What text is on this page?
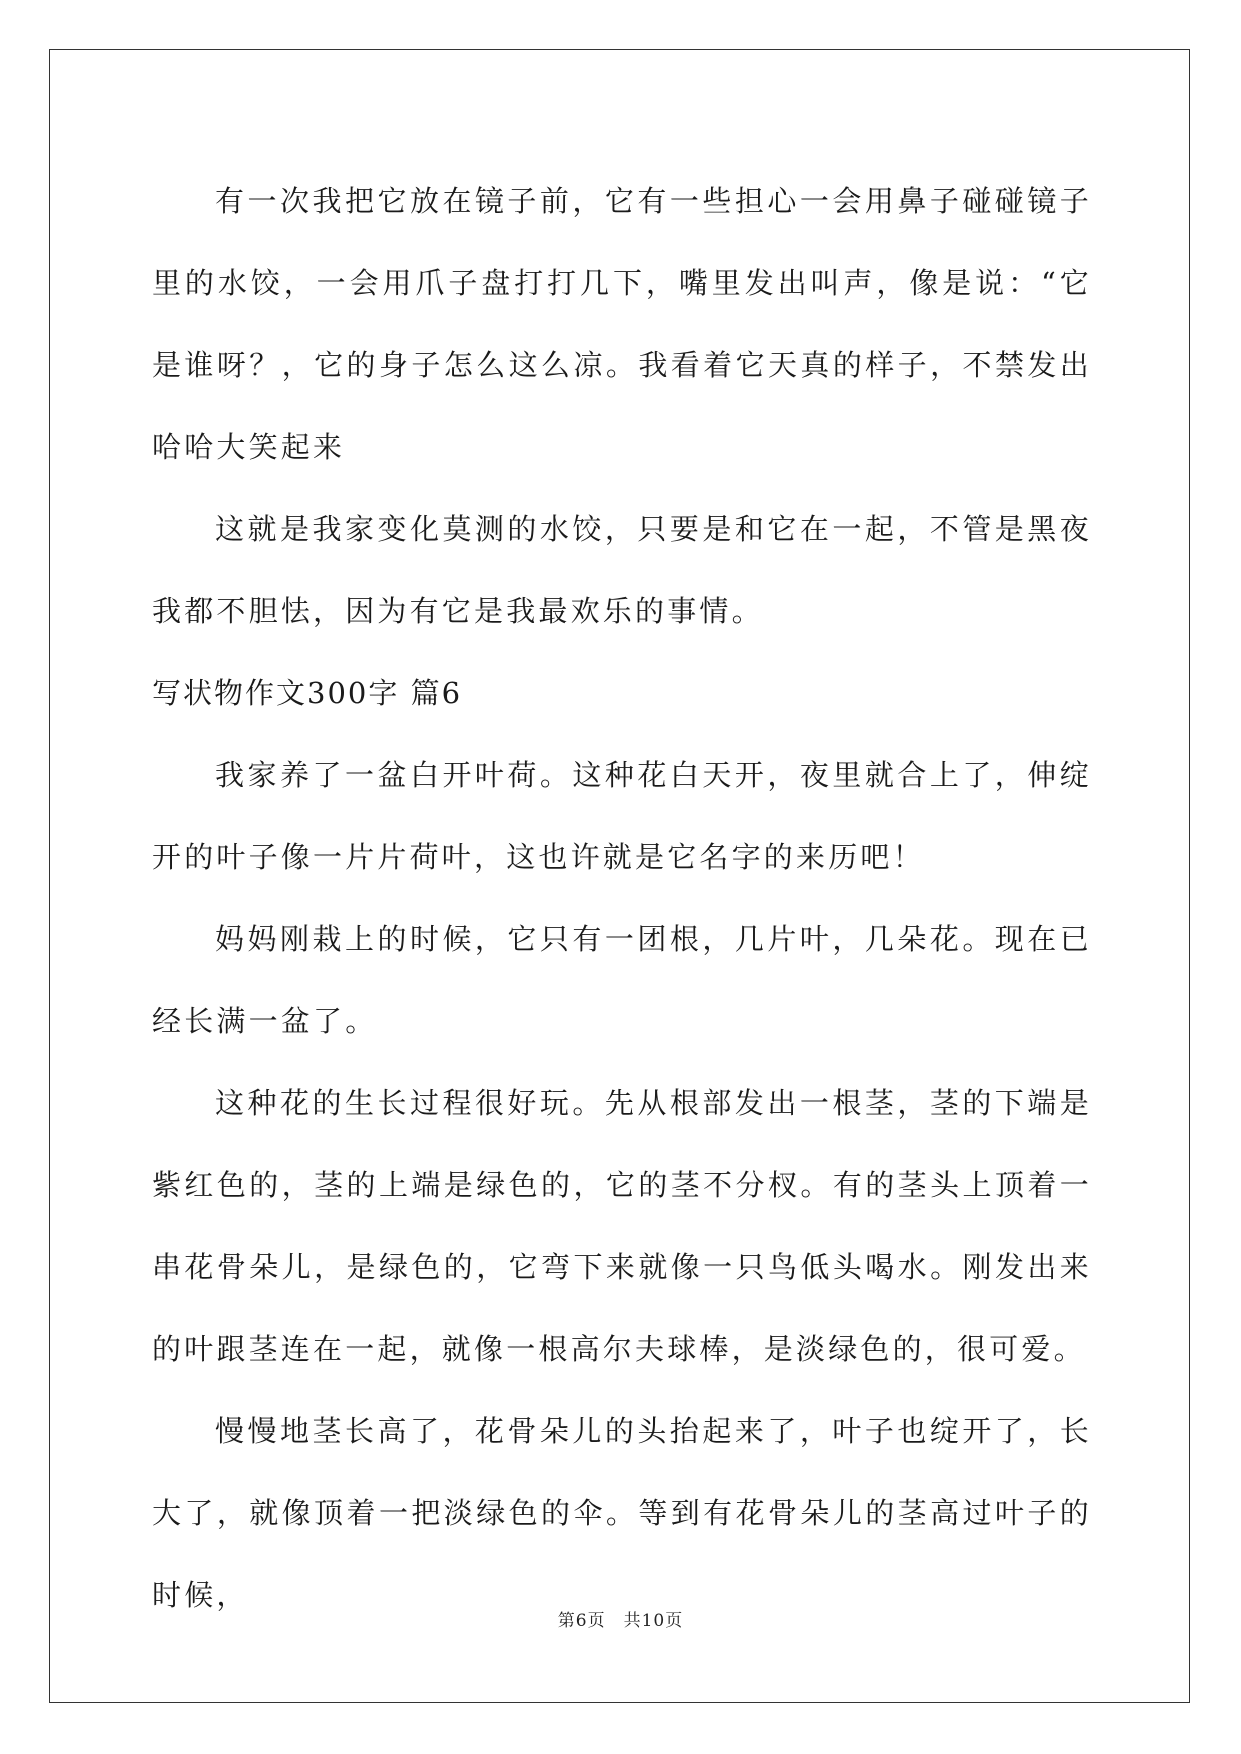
有一次我把它放在镜子前，它有一些担心一会用鼻子碰碰镜子里的水饺，一会用爪子盘打打几下，嘴里发出叫声，像是说：“它是谁呀？，它的身子怎么这么凉。我看着它天真的样子，不禁发出哈哈大笑起来

这就是我家变化莫测的水饺，只要是和它在一起，不管是黑夜我都不胆怯，因为有它是我最欢乐的事情。

写状物作文300字 篇6

我家养了一盆白开叶荷。这种花白天开，夜里就合上了，伸绽开的叶子像一片片荷叶，这也许就是它名字的来历吧！

妈妈刚栽上的时候，它只有一团根，几片叶，几朵花。现在已经长满一盆了。

这种花的生长过程很好玩。先从根部发出一根茎，茎的下端是紫红色的，茎的上端是绿色的，它的茎不分杈。有的茎头上顶着一串花骨朵儿，是绿色的，它弯下来就像一只鸟低头喝水。刚发出来的叶跟茎连在一起，就像一根高尔夫球棒，是淡绿色的，很可爱。

慢慢地茎长高了，花骨朵儿的头抬起来了，叶子也绽开了，长大了，就像顶着一把淡绿色的伞。等到有花骨朵儿的茎高过叶子的时候，

第6页　共10页
